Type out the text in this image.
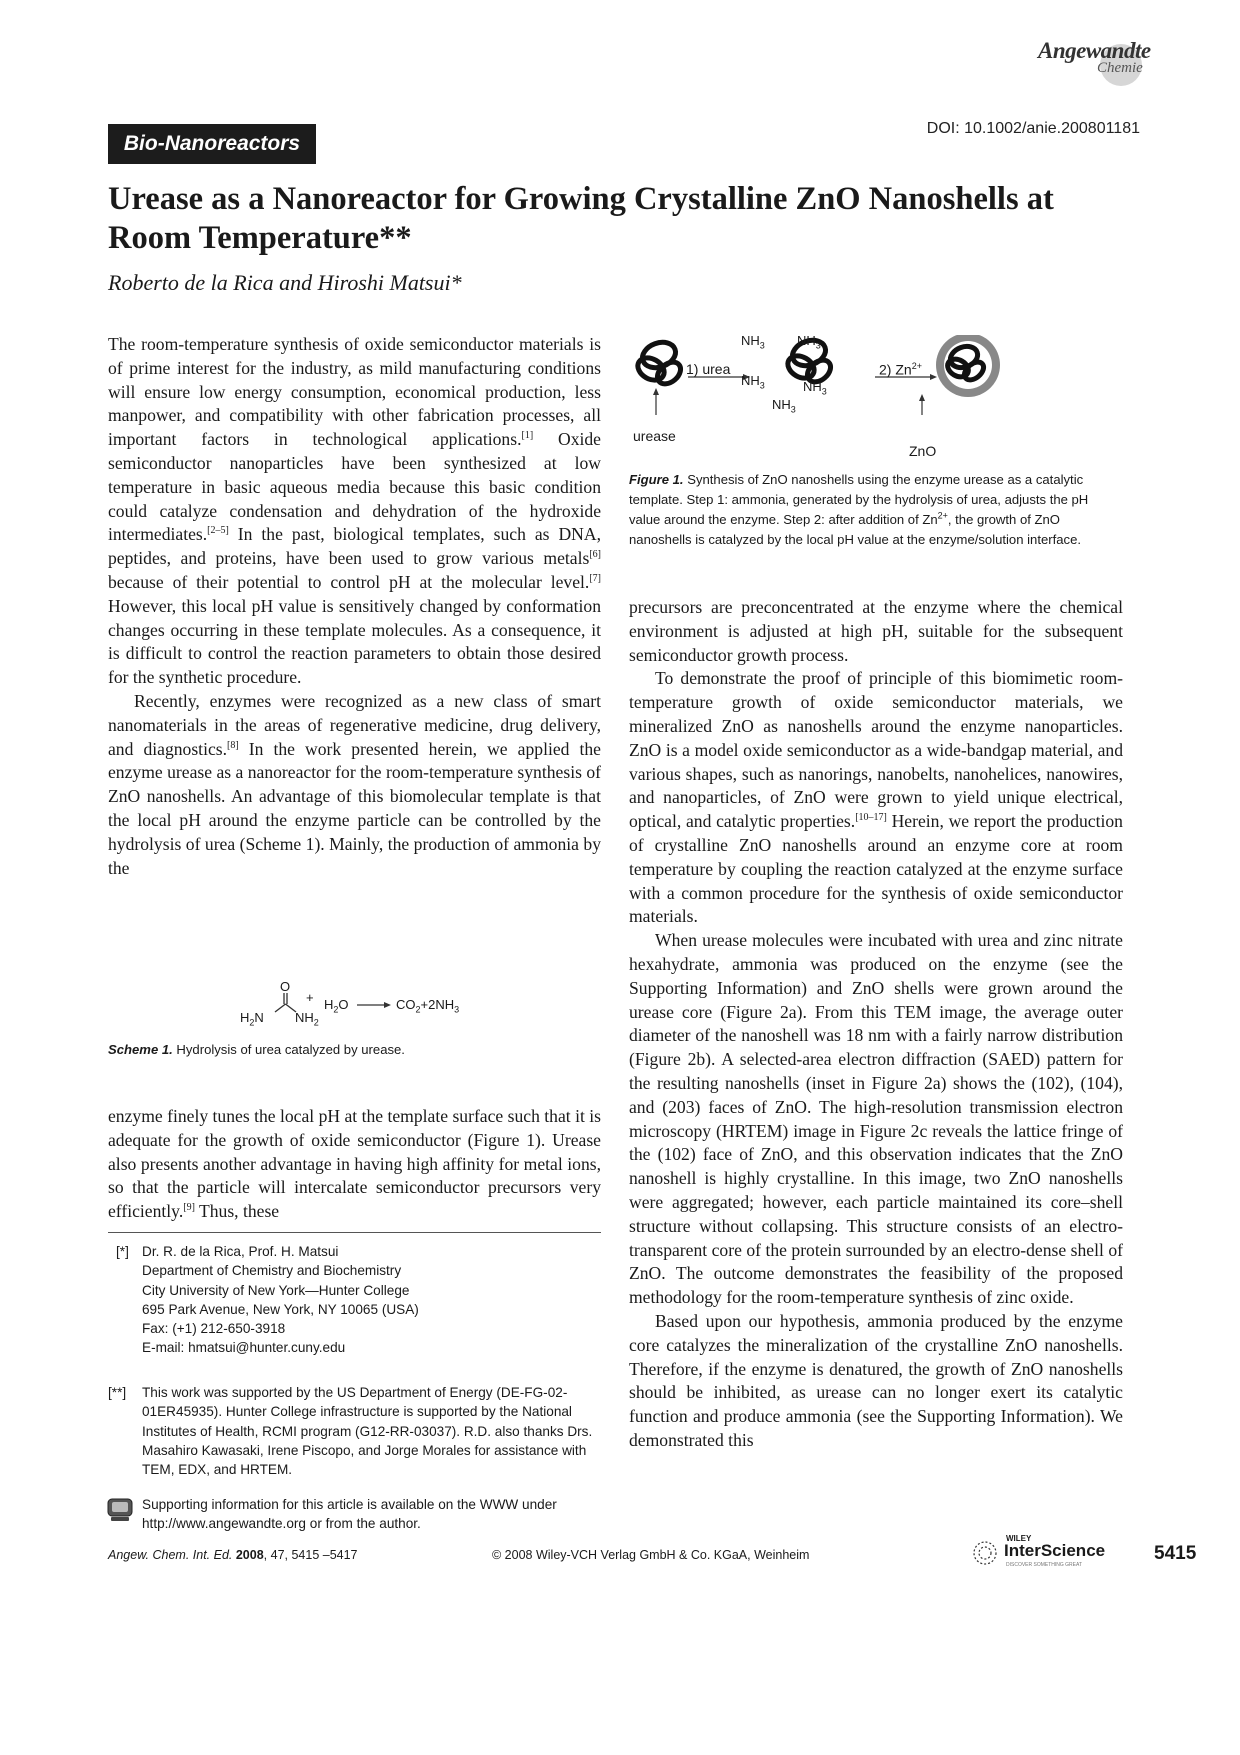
Angewandte
Chemie
Bio-Nanoreactors
DOI: 10.1002/anie.200801181
Urease as a Nanoreactor for Growing Crystalline ZnO Nanoshells at Room Temperature**

Roberto de la Rica and Hiroshi Matsui*

The room-temperature synthesis of oxide semiconductor materials is of prime interest for the industry, as mild manufacturing conditions will ensure low energy consumption, economical production, less manpower, and compatibility with other fabrication processes, all important factors in technological applications.[1] Oxide semiconductor nanoparticles have been synthesized at low temperature in basic aqueous media because this basic condition could catalyze condensation and dehydration of the hydroxide intermediates.[2–5] In the past, biological templates, such as DNA, peptides, and proteins, have been used to grow various metals[6] because of their potential to control pH at the molecular level.[7] However, this local pH value is sensitively changed by conformation changes occurring in these template molecules. As a consequence, it is difficult to control the reaction parameters to obtain those desired for the synthetic procedure.

Recently, enzymes were recognized as a new class of smart nanomaterials in the areas of regenerative medicine, drug delivery, and diagnostics.[8] In the work presented herein, we applied the enzyme urease as a nanoreactor for the room-temperature synthesis of ZnO nanoshells. An advantage of this biomolecular template is that the local pH around the enzyme particle can be controlled by the hydrolysis of urea (Scheme 1). Mainly, the production of ammonia by the

O
+
$H_2N$ $NH_2$
$H_2O$	$CO_2+2NH_3$
Scheme 1. Hydrolysis of urea catalyzed by urease.

enzyme finely tunes the local pH at the template surface such that it is adequate for the growth of oxide semiconductor (Figure 1). Urease also presents another advantage in having high affinity for metal ions, so that the particle will intercalate semiconductor precursors very efficiently.[9] Thus, these

[*] Dr. R. de la Rica, Prof. H. Matsui
Department of Chemistry and Biochemistry
City University of New York—Hunter College
695 Park Avenue, New York, NY 10065 (USA)
Fax: (+1) 212-650-3918
E-mail: hmatsui@hunter.cuny.edu
[**] This work was supported by the US Department of Energy (DE-FG-02-01ER45935). Hunter College infrastructure is supported by the National Institutes of Health, RCMI program (G12-RR-03037). R.D. also thanks Drs. Masahiro Kawasaki, Irene Piscopo, and Jorge Morales for assistance with TEM, EDX, and HRTEM.
Supporting information for this article is available on the WWW under http://www.angewandte.org or from the author.
1) urea	2) $Zn^{2+}$
$NH_3$ $NH_3$
$NH_3$	$NH_3$
$NH_3$
urease
ZnO
Figure 1. Synthesis of ZnO nanoshells using the enzyme urease as a catalytic template. Step 1: ammonia, generated by the hydrolysis of urea, adjusts the pH value around the enzyme. Step 2: after addition of $Zn^{2+}$, the growth of ZnO nanoshells is catalyzed by the local pH value at the enzyme/solution interface.

precursors are preconcentrated at the enzyme where the chemical environment is adjusted at high pH, suitable for the subsequent semiconductor growth process.

To demonstrate the proof of principle of this biomimetic room-temperature growth of oxide semiconductor materials, we mineralized ZnO as nanoshells around the enzyme nanoparticles. ZnO is a model oxide semiconductor as a wide-bandgap material, and various shapes, such as nanorings, nanobelts, nanohelices, nanowires, and nanoparticles, of ZnO were grown to yield unique electrical, optical, and catalytic properties.[10–17] Herein, we report the production of crystalline ZnO nanoshells around an enzyme core at room temperature by coupling the reaction catalyzed at the enzyme surface with a common procedure for the synthesis of oxide semiconductor materials.

When urease molecules were incubated with urea and zinc nitrate hexahydrate, ammonia was produced on the enzyme (see the Supporting Information) and ZnO shells were grown around the urease core (Figure 2a). From this TEM image, the average outer diameter of the nanoshell was 18 nm with a fairly narrow distribution (Figure 2b). A selected-area electron diffraction (SAED) pattern for the resulting nanoshells (inset in Figure 2a) shows the (102), (104), and (203) faces of ZnO. The high-resolution transmission electron microscopy (HRTEM) image in Figure 2c reveals the lattice fringe of the (102) face of ZnO, and this observation indicates that the ZnO nanoshell is highly crystalline. In this image, two ZnO nanoshells were aggregated; however, each particle maintained its core–shell structure without collapsing. This structure consists of an electro-transparent core of the protein surrounded by an electro-dense shell of ZnO. The outcome demonstrates the feasibility of the proposed methodology for the room-temperature synthesis of zinc oxide.

Based upon our hypothesis, ammonia produced by the enzyme core catalyzes the mineralization of the crystalline ZnO nanoshells. Therefore, if the enzyme is denatured, the growth of ZnO nanoshells should be inhibited, as urease can no longer exert its catalytic function and produce ammonia (see the Supporting Information). We demonstrated this

Angew. Chem. Int. Ed. 2008, 47, 5415 –5417	© 2008 Wiley-VCH Verlag GmbH & Co. KGaA, Weinheim
WILEY
InterScience
DISCOVER SOMETHING GREAT
5415
